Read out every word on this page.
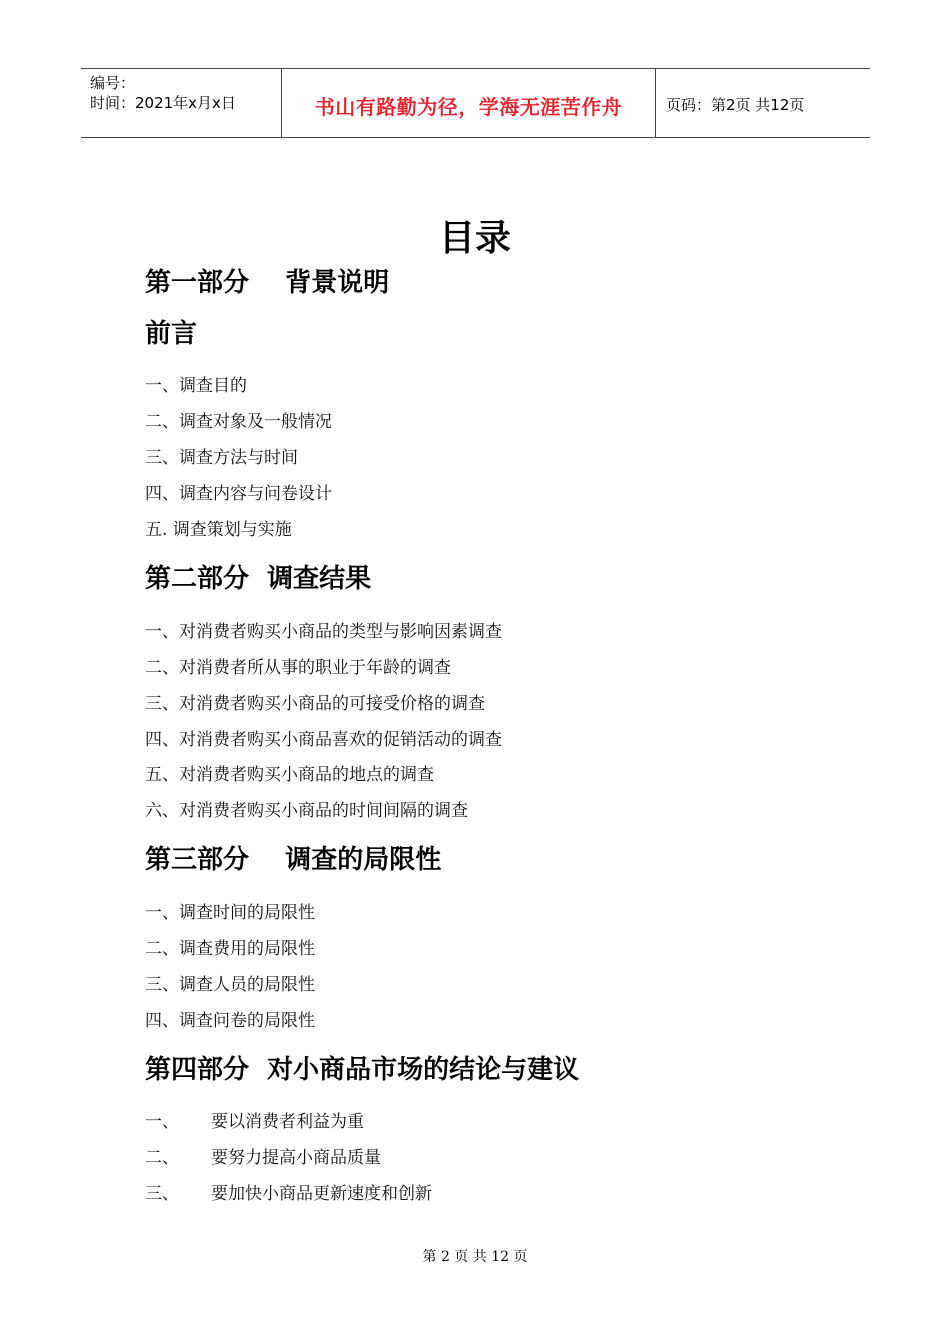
编号：
时间：2021年x月x日	书山有路勤为径，学海无涯苦作舟	页码：第2页 共12页
目录
第一部分    背景说明
前言
一、调查目的
二、调查对象及一般情况
三、调查方法与时间
四、调查内容与问卷设计
五. 调查策划与实施
第二部分  调查结果
一、对消费者购买小商品的类型与影响因素调查
二、对消费者所从事的职业于年龄的调查
三、对消费者购买小商品的可接受价格的调查
四、对消费者购买小商品喜欢的促销活动的调查
五、对消费者购买小商品的地点的调查
六、对消费者购买小商品的时间间隔的调查
第三部分    调查的局限性
一、调查时间的局限性
二、调查费用的局限性
三、调查人员的局限性
四、调查问卷的局限性
第四部分  对小商品市场的结论与建议
一、 要以消费者利益为重
二、 要努力提高小商品质量
三、 要加快小商品更新速度和创新
第 2 页 共 12 页
